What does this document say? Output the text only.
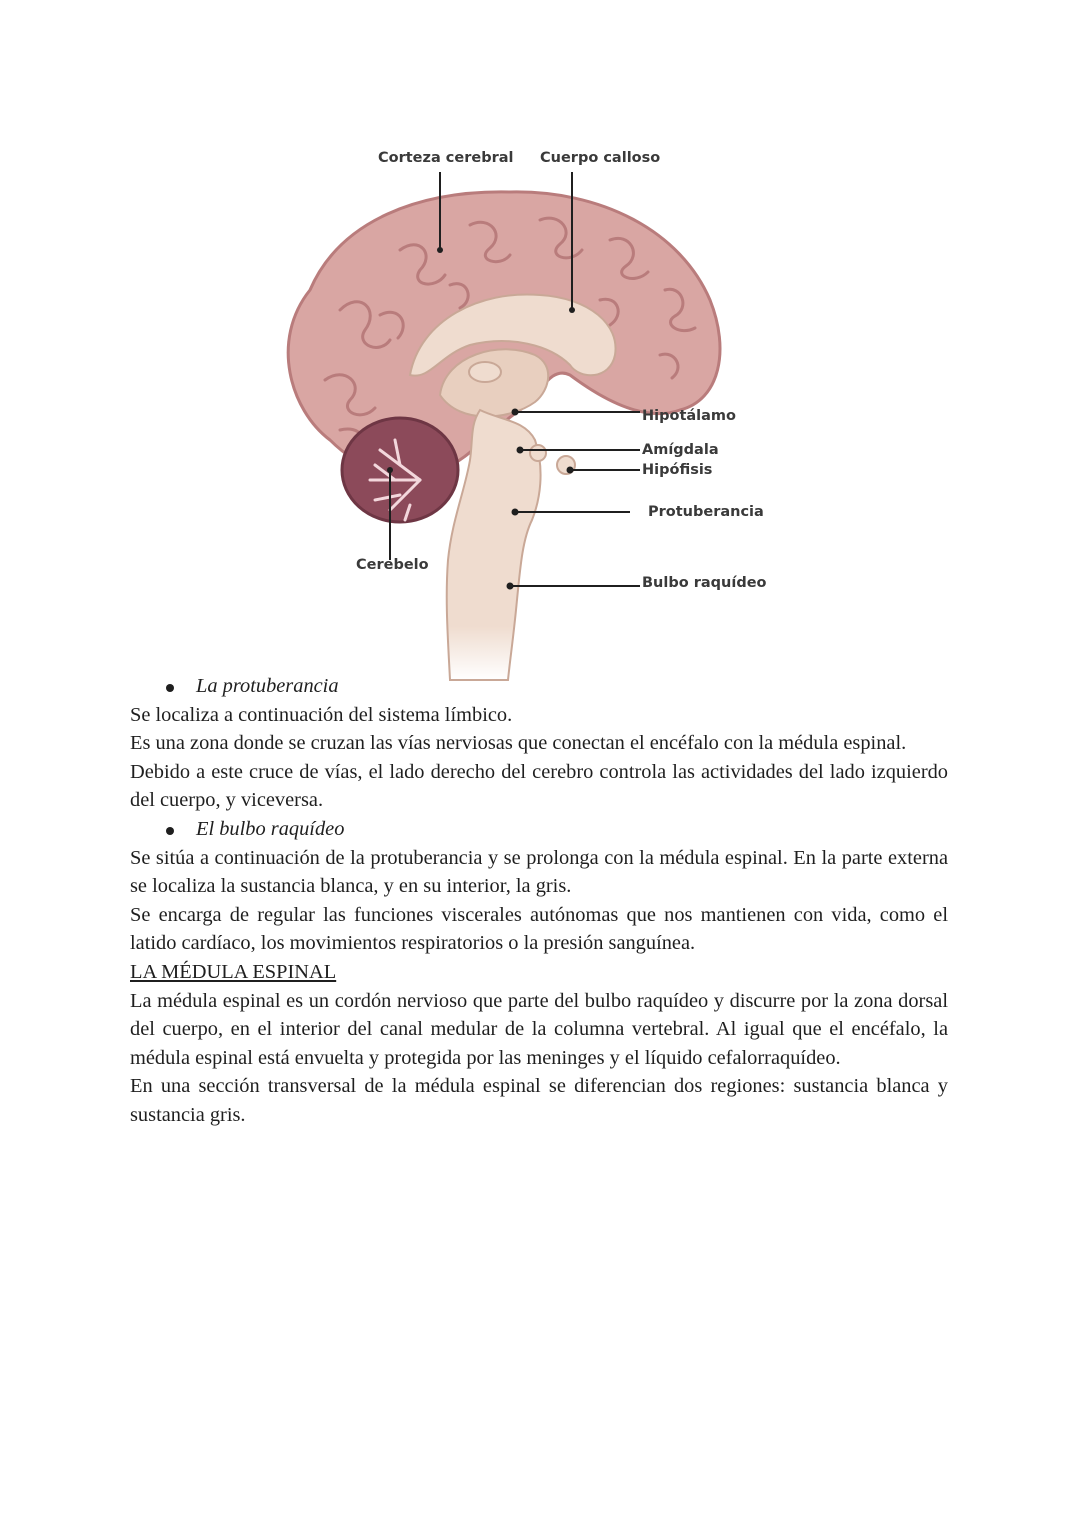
Corteza cerebral Cuerpo calloso
Hipotálamo
Amígdala
Hipófisis
Protuberancia
Cerebelo
Bulbo raquídeo

La protuberancia

Se localiza a continuación del sistema límbico.

Es una zona donde se cruzan las vías nerviosas que conectan el encéfalo con la médula espinal.

Debido a este cruce de vías, el lado derecho del cerebro controla las actividades del lado izquierdo del cuerpo, y viceversa.

El bulbo raquídeo

Se sitúa a continuación de la protuberancia y se prolonga con la médula espinal. En la parte externa se localiza la sustancia blanca, y en su interior, la gris.

Se encarga de regular las funciones viscerales autónomas que nos mantienen con vida, como el latido cardíaco, los movimientos respiratorios o la presión sanguínea.

LA MÉDULA ESPINAL

La médula espinal es un cordón nervioso que parte del bulbo raquídeo y discurre por la zona dorsal del cuerpo, en el interior del canal medular de la columna vertebral. Al igual que el encéfalo, la médula espinal está envuelta y protegida por las meninges y el líquido cefalorraquídeo.

En una sección transversal de la médula espinal se diferencian dos regiones: sustancia blanca y sustancia gris.
